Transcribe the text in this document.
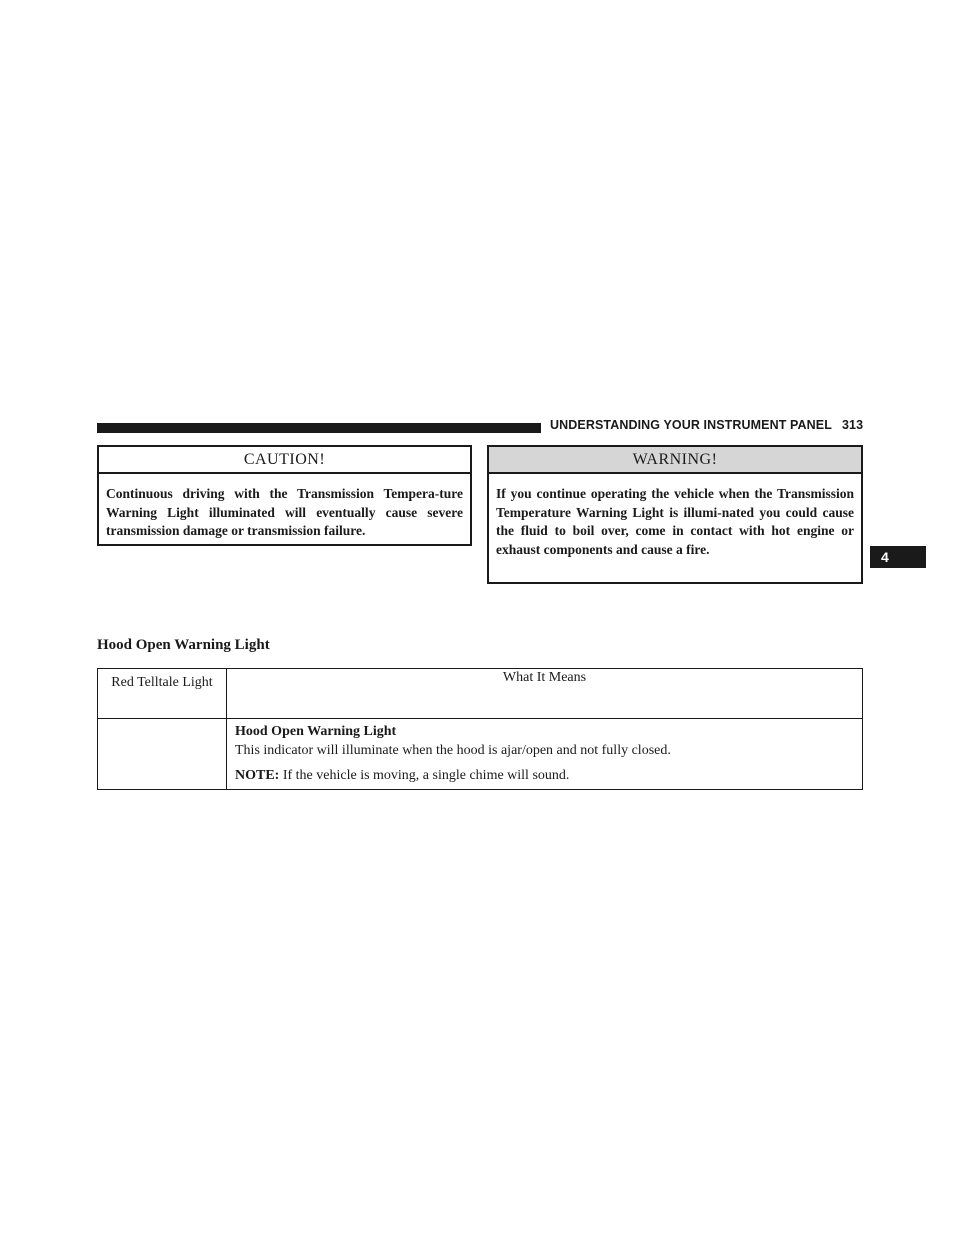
UNDERSTANDING YOUR INSTRUMENT PANEL 313
4
CAUTION!
Continuous driving with the Transmission Tempera-ture Warning Light illuminated will eventually cause severe transmission damage or transmission failure.
WARNING!
If you continue operating the vehicle when the Transmission Temperature Warning Light is illumi-nated you could cause the fluid to boil over, come in contact with hot engine or exhaust components and cause a fire.
Hood Open Warning Light
Red Telltale Light	What It Means

	Hood Open Warning Light
This indicator will illuminate when the hood is ajar/open and not fully closed.
NOTE: If the vehicle is moving, a single chime will sound.
